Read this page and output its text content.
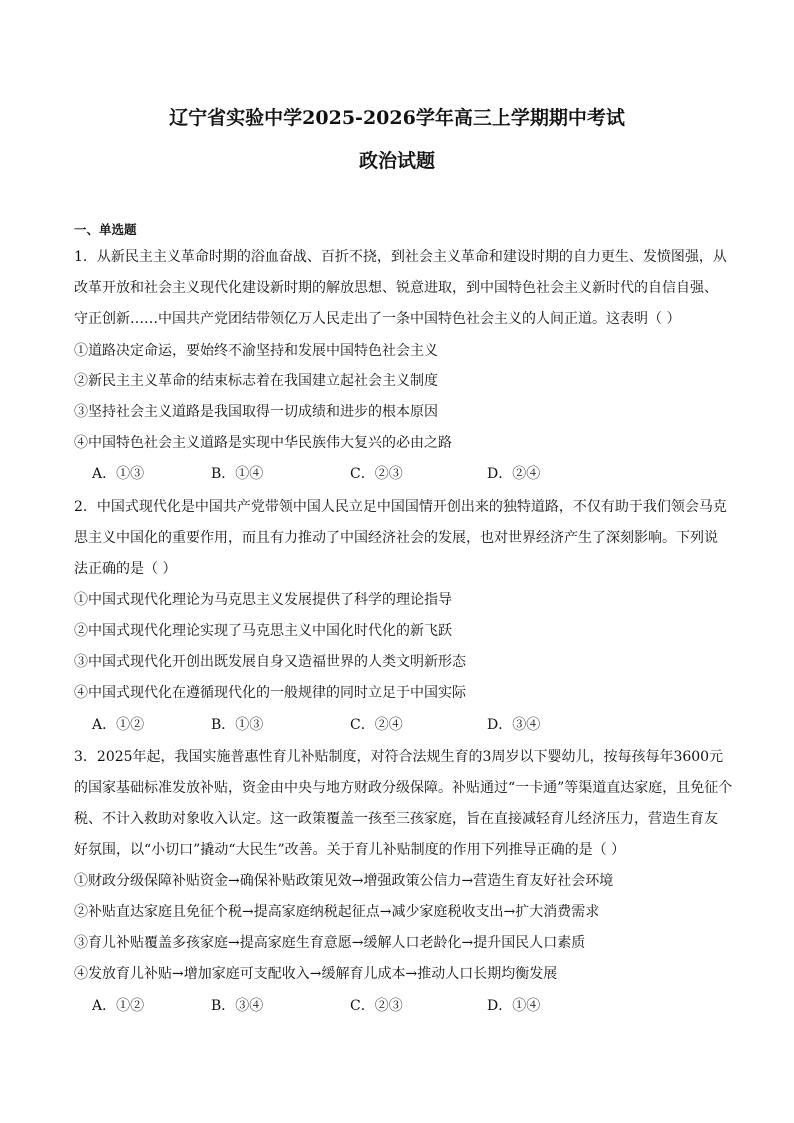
辽宁省实验中学2025-2026学年高三上学期期中考试
政治试题
一、单选题
1．从新民主主义革命时期的浴血奋战、百折不挠，到社会主义革命和建设时期的自力更生、发愤图强，从
改革开放和社会主义现代化建设新时期的解放思想、锐意进取，到中国特色社会主义新时代的自信自强、
守正创新……中国共产党团结带领亿万人民走出了一条中国特色社会主义的人间正道。这表明（ ）
①道路决定命运，要始终不渝坚持和发展中国特色社会主义
②新民主主义革命的结束标志着在我国建立起社会主义制度
③坚持社会主义道路是我国取得一切成绩和进步的根本原因
④中国特色社会主义道路是实现中华民族伟大复兴的必由之路
A．①③	B．①④	C．②③	D．②④
2．中国式现代化是中国共产党带领中国人民立足中国国情开创出来的独特道路，不仅有助于我们领会马克
思主义中国化的重要作用，而且有力推动了中国经济社会的发展，也对世界经济产生了深刻影响。下列说
法正确的是（ ）
①中国式现代化理论为马克思主义发展提供了科学的理论指导
②中国式现代化理论实现了马克思主义中国化时代化的新飞跃
③中国式现代化开创出既发展自身又造福世界的人类文明新形态
④中国式现代化在遵循现代化的一般规律的同时立足于中国实际
A．①②	B．①③	C．②④	D．③④
3．2025年起，我国实施普惠性育儿补贴制度，对符合法规生育的3周岁以下婴幼儿，按每孩每年3600元
的国家基础标准发放补贴，资金由中央与地方财政分级保障。补贴通过“一卡通”等渠道直达家庭，且免征个
税、不计入救助对象收入认定。这一政策覆盖一孩至三孩家庭，旨在直接减轻育儿经济压力，营造生育友
好氛围，以“小切口”撬动“大民生”改善。关于育儿补贴制度的作用下列推导正确的是（ ）
①财政分级保障补贴资金→确保补贴政策见效→增强政策公信力→营造生育友好社会环境
②补贴直达家庭且免征个税→提高家庭纳税起征点→减少家庭税收支出→扩大消费需求
③育儿补贴覆盖多孩家庭→提高家庭生育意愿→缓解人口老龄化→提升国民人口素质
④发放育儿补贴→增加家庭可支配收入→缓解育儿成本→推动人口长期均衡发展
A．①②	B．③④	C．②③	D．①④
